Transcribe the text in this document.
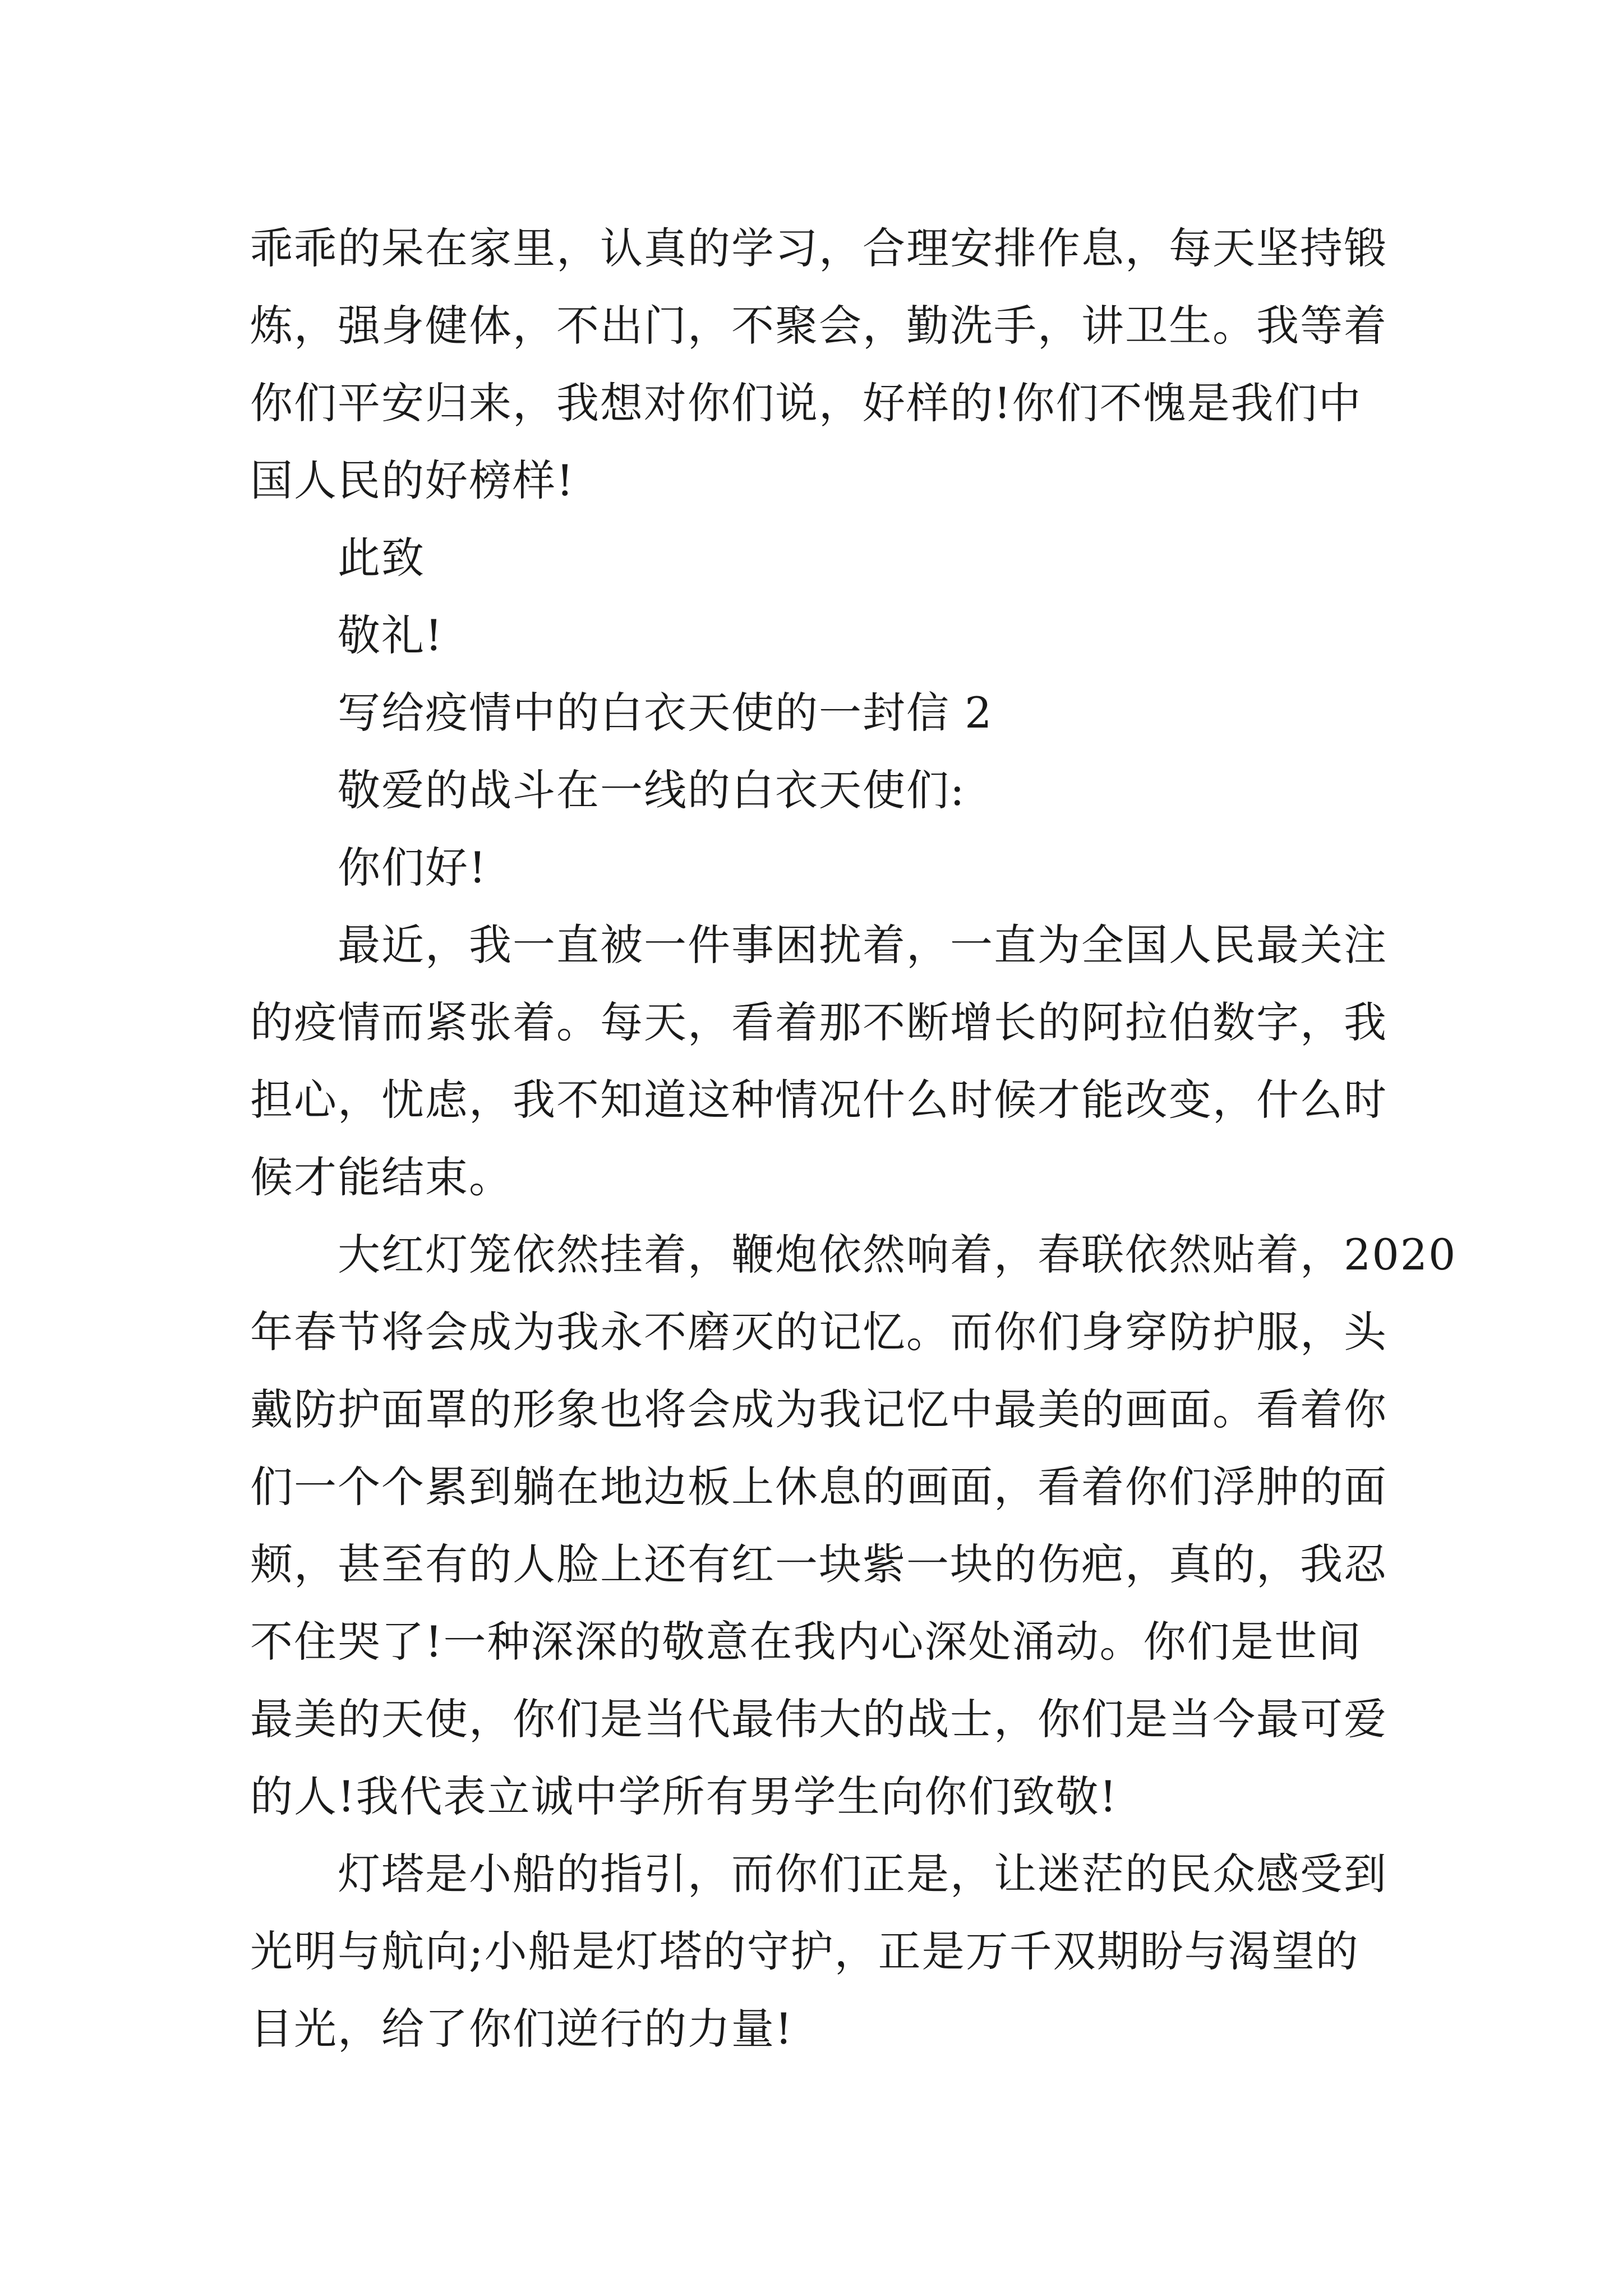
乖乖的呆在家里，认真的学习，合理安排作息，每天坚持锻
炼，强身健体，不出门，不聚会，勤洗手，讲卫生。我等着
你们平安归来，我想对你们说，好样的!你们不愧是我们中
国人民的好榜样!
此致
敬礼!
写给疫情中的白衣天使的一封信 2
敬爱的战斗在一线的白衣天使们:
你们好!
最近，我一直被一件事困扰着，一直为全国人民最关注
的疫情而紧张着。每天，看着那不断增长的阿拉伯数字，我
担心，忧虑，我不知道这种情况什么时候才能改变，什么时
候才能结束。
大红灯笼依然挂着，鞭炮依然响着，春联依然贴着，2020
年春节将会成为我永不磨灭的记忆。而你们身穿防护服，头
戴防护面罩的形象也将会成为我记忆中最美的画面。看着你
们一个个累到躺在地边板上休息的画面，看着你们浮肿的面
颊，甚至有的人脸上还有红一块紫一块的伤疤，真的，我忍
不住哭了!一种深深的敬意在我内心深处涌动。你们是世间
最美的天使，你们是当代最伟大的战士，你们是当今最可爱
的人!我代表立诚中学所有男学生向你们致敬!
灯塔是小船的指引，而你们正是，让迷茫的民众感受到
光明与航向;小船是灯塔的守护，正是万千双期盼与渴望的
目光，给了你们逆行的力量!
